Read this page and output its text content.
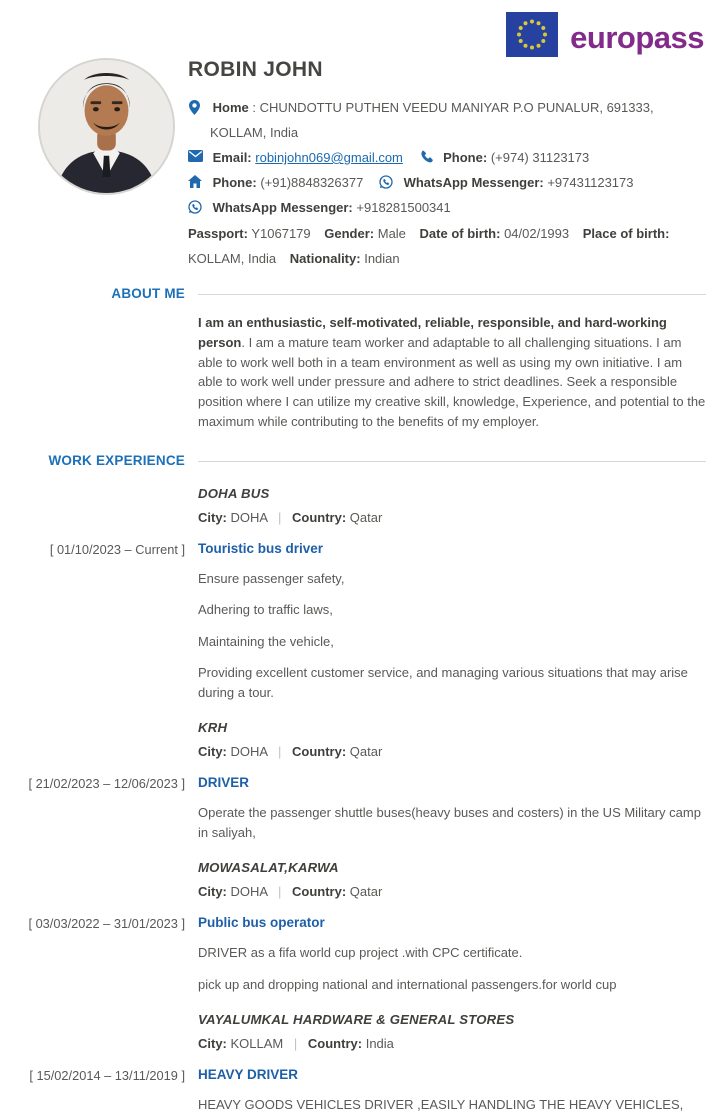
europass
ROBIN JOHN
Home : CHUNDOTTU PUTHEN VEEDU MANIYAR P.O PUNALUR, 691333, KOLLAM, India
Email: robinjohn069@gmail.com	Phone: (+974) 31123173
Phone: (+91)8848326377	WhatsApp Messenger: +97431123173
WhatsApp Messenger: +918281500341
Passport: Y1067179 Gender: Male Date of birth: 04/02/1993 Place of birth: KOLLAM, India Nationality: Indian
ABOUT ME

I am an enthusiastic, self-motivated, reliable, responsible, and hard-working person. I am a mature team worker and adaptable to all challenging situations. I am able to work well both in a team environment as well as using my own initiative. I am able to work well under pressure and adhere to strict deadlines. Seek a responsible position where I can utilize my creative skill, knowledge, Experience, and potential to the maximum while contributing to the benefits of my employer.

WORK EXPERIENCE
DOHA BUS

City: DOHA | Country: Qatar

[ 01/10/2023 – Current ] Touristic bus driver

Ensure passenger safety,

Adhering to traffic laws,

Maintaining the vehicle,

Providing excellent customer service, and managing various situations that may arise during a tour.

KRH

City: DOHA | Country: Qatar

[ 21/02/2023 – 12/06/2023 ] DRIVER

Operate the passenger shuttle buses(heavy buses and costers) in the US Military camp in saliyah,

MOWASALAT,KARWA

City: DOHA | Country: Qatar

[ 03/03/2022 – 31/01/2023 ] Public bus operator

DRIVER as a fifa world cup project .with CPC certificate.

pick up and dropping national and international passengers.for world cup

VAYALUMKAL HARDWARE & GENERAL STORES

City: KOLLAM | Country: India

[ 15/02/2014 – 13/11/2019 ] HEAVY DRIVER

HEAVY GOODS VEHICLES DRIVER ,EASILY HANDLING THE HEAVY VEHICLES,
